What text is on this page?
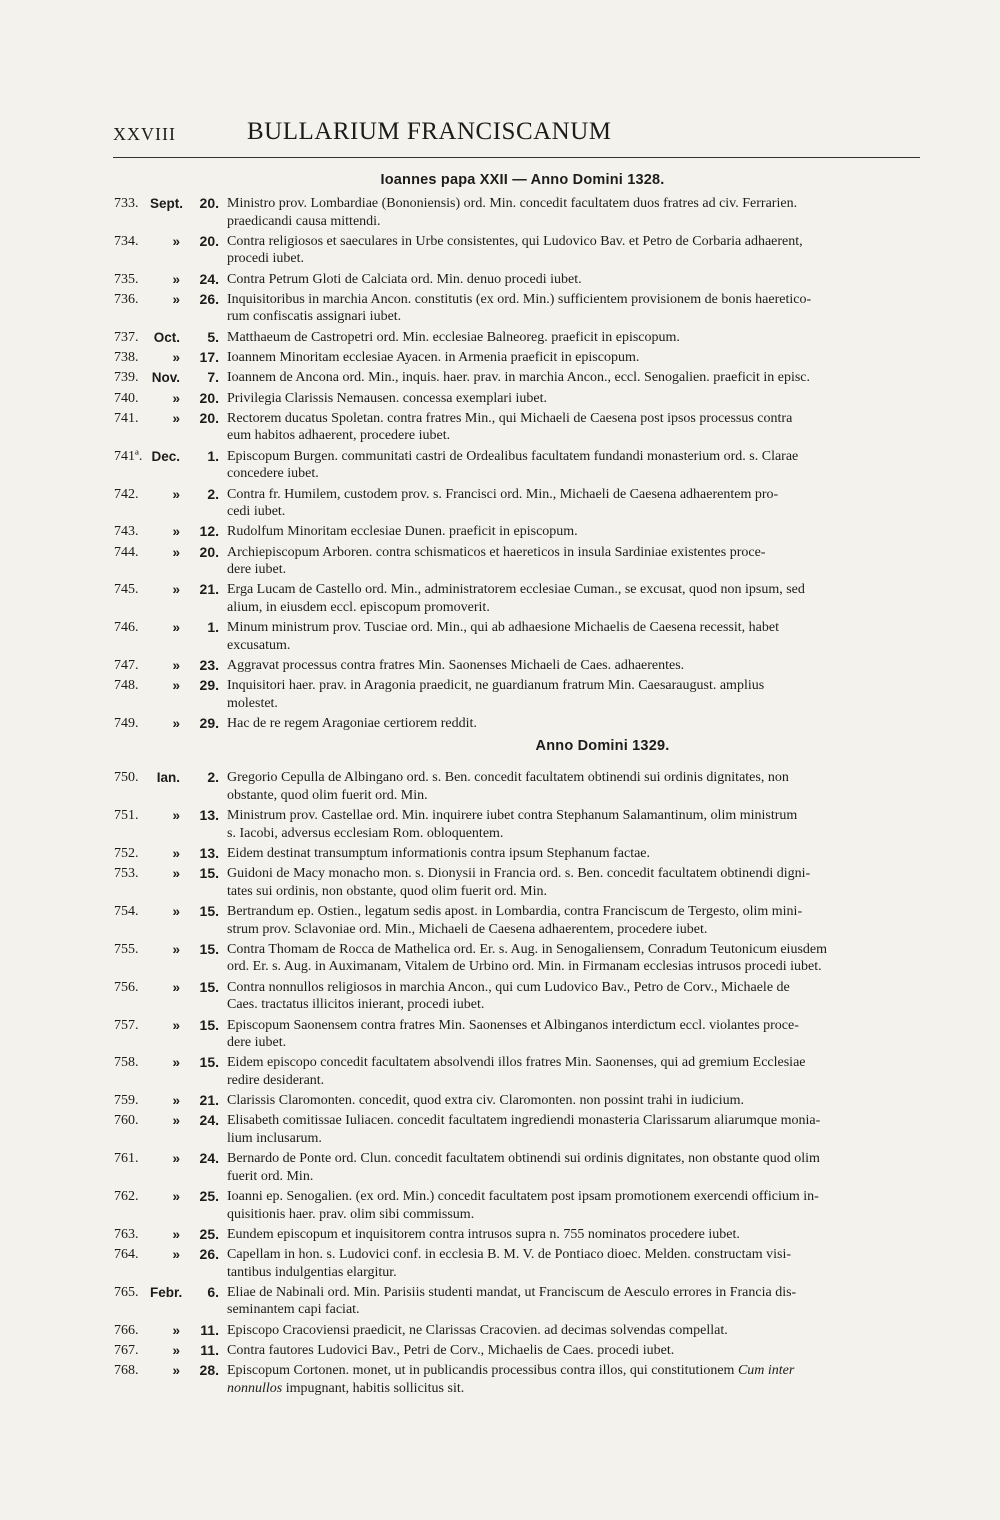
XXVIII	BULLARIUM FRANCISCANUM
Ioannes papa XXII — Anno Domini 1328.
Anno Domini 1329.
733. Sept.	20. Ministro prov. Lombardiae (Bononiensis) ord. Min. concedit facultatem duos fratres ad civ. Ferrarien.
praedicandi causa mittendi.
734.	»	20. Contra religiosos et saeculares in Urbe consistentes, qui Ludovico Bav. et Petro de Corbaria adhaerent,
procedi iubet.
735.	»	24. Contra Petrum Gloti de Calciata ord. Min. denuo procedi iubet.
736.	»	26. Inquisitoribus in marchia Ancon. constitutis (ex ord. Min.) sufficientem provisionem de bonis haeretico-
rum confiscatis assignari iubet.
737. Oct.	5. Matthaeum de Castropetri ord. Min. ecclesiae Balneoreg. praeficit in episcopum.
738.	»	17. Ioannem Minoritam ecclesiae Ayacen. in Armenia praeficit in episcopum.
739. Nov.	7. Ioannem de Ancona ord. Min., inquis. haer. prav. in marchia Ancon., eccl. Senogalien. praeficit in episc.
740.	»	20. Privilegia Clarissis Nemausen. concessa exemplari iubet.
741.	»	20. Rectorem ducatus Spoletan. contra fratres Min., qui Michaeli de Caesena post ipsos processus contra
eum habitos adhaerent, procedere iubet.
741ª. Dec.	1. Episcopum Burgen. communitati castri de Ordealibus facultatem fundandi monasterium ord. s. Clarae
concedere iubet.
742.	»	2. Contra fr. Humilem, custodem prov. s. Francisci ord. Min., Michaeli de Caesena adhaerentem pro-
cedi iubet.
743.	»	12. Rudolfum Minoritam ecclesiae Dunen. praeficit in episcopum.
744.	»	20. Archiepiscopum Arboren. contra schismaticos et haereticos in insula Sardiniae existentes proce-
dere iubet.
745.	»	21. Erga Lucam de Castello ord. Min., administratorem ecclesiae Cuman., se excusat, quod non ipsum, sed
alium, in eiusdem eccl. episcopum promoverit.
746.	»	1. Minum ministrum prov. Tusciae ord. Min., qui ab adhaesione Michaelis de Caesena recessit, habet
excusatum.
747.	»	23. Aggravat processus contra fratres Min. Saonenses Michaeli de Caes. adhaerentes.
748.	»	29. Inquisitori haer. prav. in Aragonia praedicit, ne guardianum fratrum Min. Caesaraugust. amplius
molestet.
749.	»	29. Hac de re regem Aragoniae certiorem reddit.
750.	Ian.	2. Gregorio Cepulla de Albingano ord. s. Ben. concedit facultatem obtinendi sui ordinis dignitates, non
obstante, quod olim fuerit ord. Min.
751.	»	13. Ministrum prov. Castellae ord. Min. inquirere iubet contra Stephanum Salamantinum, olim ministrum
s. Iacobi, adversus ecclesiam Rom. obloquentem.
752.	»	13. Eidem destinat transumptum informationis contra ipsum Stephanum factae.
753.	»	15. Guidoni de Macy monacho mon. s. Dionysii in Francia ord. s. Ben. concedit facultatem obtinendi digni-
tates sui ordinis, non obstante, quod olim fuerit ord. Min.
754.	»	15. Bertrandum ep. Ostien., legatum sedis apost. in Lombardia, contra Franciscum de Tergesto, olim mini-
strum prov. Sclavoniae ord. Min., Michaeli de Caesena adhaerentem, procedere iubet.
755.	»	15. Contra Thomam de Rocca de Mathelica ord. Er. s. Aug. in Senogaliensem, Conradum Teutonicum eiusdem
ord. Er. s. Aug. in Auximanam, Vitalem de Urbino ord. Min. in Firmanam ecclesias intrusos procedi iubet.
756.	»	15. Contra nonnullos religiosos in marchia Ancon., qui cum Ludovico Bav., Petro de Corv., Michaele de
Caes. tractatus illicitos inierant, procedi iubet.
757.	»	15. Episcopum Saonensem contra fratres Min. Saonenses et Albinganos interdictum eccl. violantes proce-
dere iubet.
758.	»	15. Eidem episcopo concedit facultatem absolvendi illos fratres Min. Saonenses, qui ad gremium Ecclesiae
redire desiderant.
759.	»	21. Clarissis Claromonten. concedit, quod extra civ. Claromonten. non possint trahi in iudicium.
760.	»	24. Elisabeth comitissae Iuliacen. concedit facultatem ingrediendi monasteria Clarissarum aliarumque monia-
lium inclusarum.
761.	»	24. Bernardo de Ponte ord. Clun. concedit facultatem obtinendi sui ordinis dignitates, non obstante quod olim
fuerit ord. Min.
762.	»	25. Ioanni ep. Senogalien. (ex ord. Min.) concedit facultatem post ipsam promotionem exercendi officium in-
quisitionis haer. prav. olim sibi commissum.
763.	»	25. Eundem episcopum et inquisitorem contra intrusos supra n. 755 nominatos procedere iubet.
764.	»	26. Capellam in hon. s. Ludovici conf. in ecclesia B. M. V. de Pontiaco dioec. Melden. constructam visi-
tantibus indulgentias elargitur.
765. Febr.	6. Eliae de Nabinali ord. Min. Parisiis studenti mandat, ut Franciscum de Aesculo errores in Francia dis-
seminantem capi faciat.
766.	»	11. Episcopo Cracoviensi praedicit, ne Clarissas Cracovien. ad decimas solvendas compellat.
767.	»	11. Contra fautores Ludovici Bav., Petri de Corv., Michaelis de Caes. procedi iubet.
768.	»	28. Episcopum Cortonen. monet, ut in publicandis processibus contra illos, qui constitutionem Cum inter
nonnullos impugnant, habitis sollicitus sit.
